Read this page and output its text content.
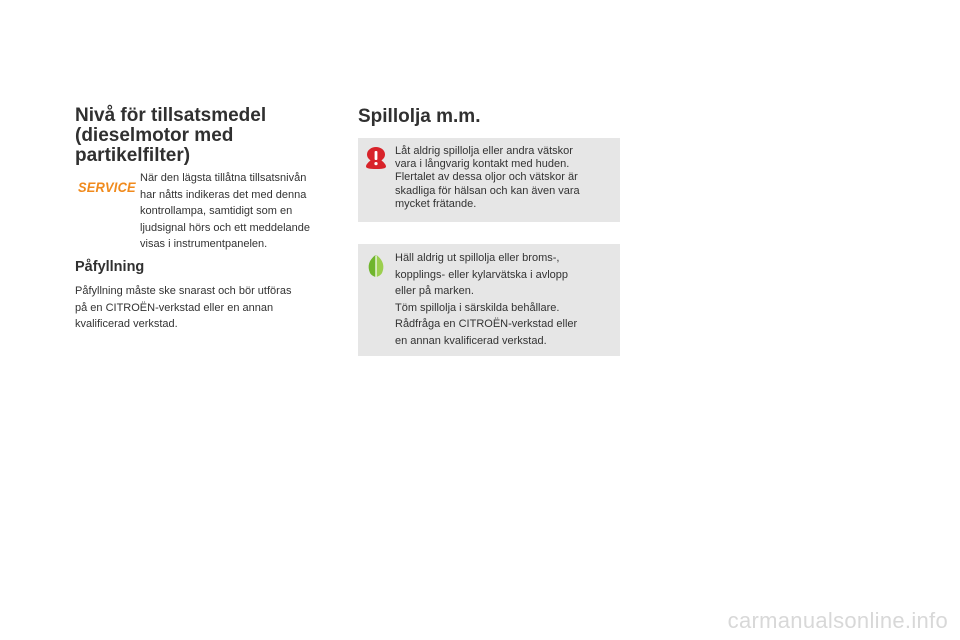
Nivå för tillsatsmedel
(dieselmotor med
partikelfilter)
SERVICE
När den lägsta tillåtna tillsatsnivån
har nåtts indikeras det med denna
kontrollampa, samtidigt som en
ljudsignal hörs och ett meddelande
visas i instrumentpanelen.
Påfyllning
Påfyllning måste ske snarast och bör utföras
på en CITROËN-verkstad eller en annan
kvalificerad verkstad.
Spillolja m.m.
Låt aldrig spillolja eller andra vätskor
vara i långvarig kontakt med huden.
Flertalet av dessa oljor och vätskor är
skadliga för hälsan och kan även vara
mycket frätande.
Häll aldrig ut spillolja eller broms-,
kopplings- eller kylarvätska i avlopp
eller på marken.
Töm spillolja i särskilda behållare.
Rådfråga en CITROËN-verkstad eller
en annan kvalificerad verkstad.
carmanualsonline.info
